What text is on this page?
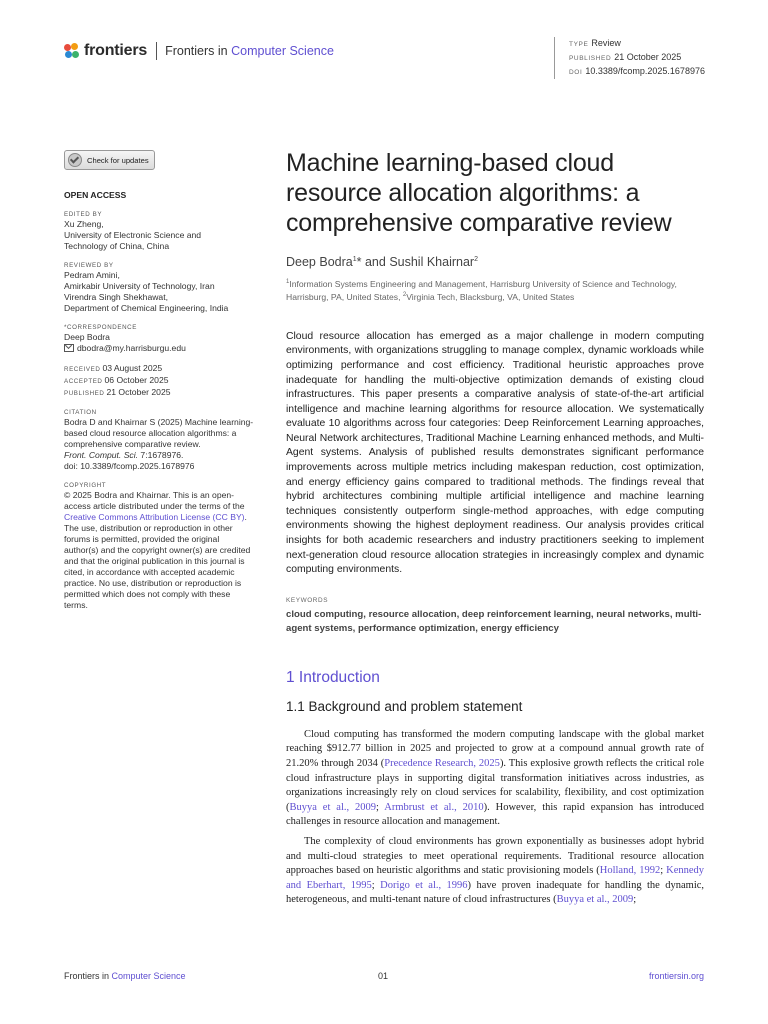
frontiers Frontiers in Computer Science	TYPE Review
PUBLISHED 21 October 2025
DOI 10.3389/fcomp.2025.1678976
Check for updates
OPEN ACCESS
EDITED BY
Xu Zheng,
University of Electronic Science and
Technology of China, China
REVIEWED BY
Pedram Amini,
Amirkabir University of Technology, Iran
Virendra Singh Shekhawat,
Department of Chemical Engineering, India
*CORRESPONDENCE
Deep Bodra
dbodra@my.harrisburgu.edu
RECEIVED 03 August 2025
ACCEPTED 06 October 2025
PUBLISHED 21 October 2025
CITATION
Bodra D and Khairnar S (2025) Machine learning-based cloud resource allocation algorithms: a comprehensive comparative review.
Front. Comput. Sci. 7:1678976.
doi: 10.3389/fcomp.2025.1678976
COPYRIGHT
© 2025 Bodra and Khairnar. This is an open-access article distributed under the terms of the Creative Commons Attribution License (CC BY). The use, distribution or reproduction in other forums is permitted, provided the original author(s) and the copyright owner(s) are credited and that the original publication in this journal is cited, in accordance with accepted academic practice. No use, distribution or reproduction is permitted which does not comply with these terms.
Machine learning-based cloud resource allocation algorithms: a comprehensive comparative review
Deep Bodra$^1$* and Sushil Khairnar$^2$
$^1$Information Systems Engineering and Management, Harrisburg University of Science and Technology, Harrisburg, PA, United States, $^2$Virginia Tech, Blacksburg, VA, United States
Cloud resource allocation has emerged as a major challenge in modern computing environments, with organizations struggling to manage complex, dynamic workloads while optimizing performance and cost efficiency. Traditional heuristic approaches prove inadequate for handling the multi-objective optimization demands of existing cloud infrastructures. This paper presents a comparative analysis of state-of-the-art artificial intelligence and machine learning algorithms for resource allocation. We systematically evaluate 10 algorithms across four categories: Deep Reinforcement Learning approaches, Neural Network architectures, Traditional Machine Learning enhanced methods, and Multi-Agent systems. Analysis of published results demonstrates significant performance improvements across multiple metrics including makespan reduction, cost optimization, and energy efficiency gains compared to traditional methods. The findings reveal that hybrid architectures combining multiple artificial intelligence and machine learning techniques consistently outperform single-method approaches, with edge computing environments showing the highest deployment readiness. Our analysis provides critical insights for both academic researchers and industry practitioners seeking to implement next-generation cloud resource allocation strategies in increasingly complex and dynamic computing environments.
KEYWORDS
cloud computing, resource allocation, deep reinforcement learning, neural networks, multi-agent systems, performance optimization, energy efficiency
1 Introduction
1.1 Background and problem statement

Cloud computing has transformed the modern computing landscape with the global market reaching $912.77 billion in 2025 and projected to grow at a compound annual growth rate of 21.20% through 2034 (Precedence Research, 2025). This explosive growth reflects the critical role cloud infrastructure plays in supporting digital transformation initiatives across industries, as organizations increasingly rely on cloud services for scalability, flexibility, and cost optimization (Buyya et al., 2009; Armbrust et al., 2010). However, this rapid expansion has introduced challenges in resource allocation and management.

The complexity of cloud environments has grown exponentially as businesses adopt hybrid and multi-cloud strategies to meet operational requirements. Traditional resource allocation approaches based on heuristic algorithms and static provisioning models (Holland, 1992; Kennedy and Eberhart, 1995; Dorigo et al., 1996) have proven inadequate for handling the dynamic, heterogeneous, and multi-tenant nature of cloud infrastructures (Buyya et al., 2009;

Frontiers in Computer Science	01	frontiersin.org
